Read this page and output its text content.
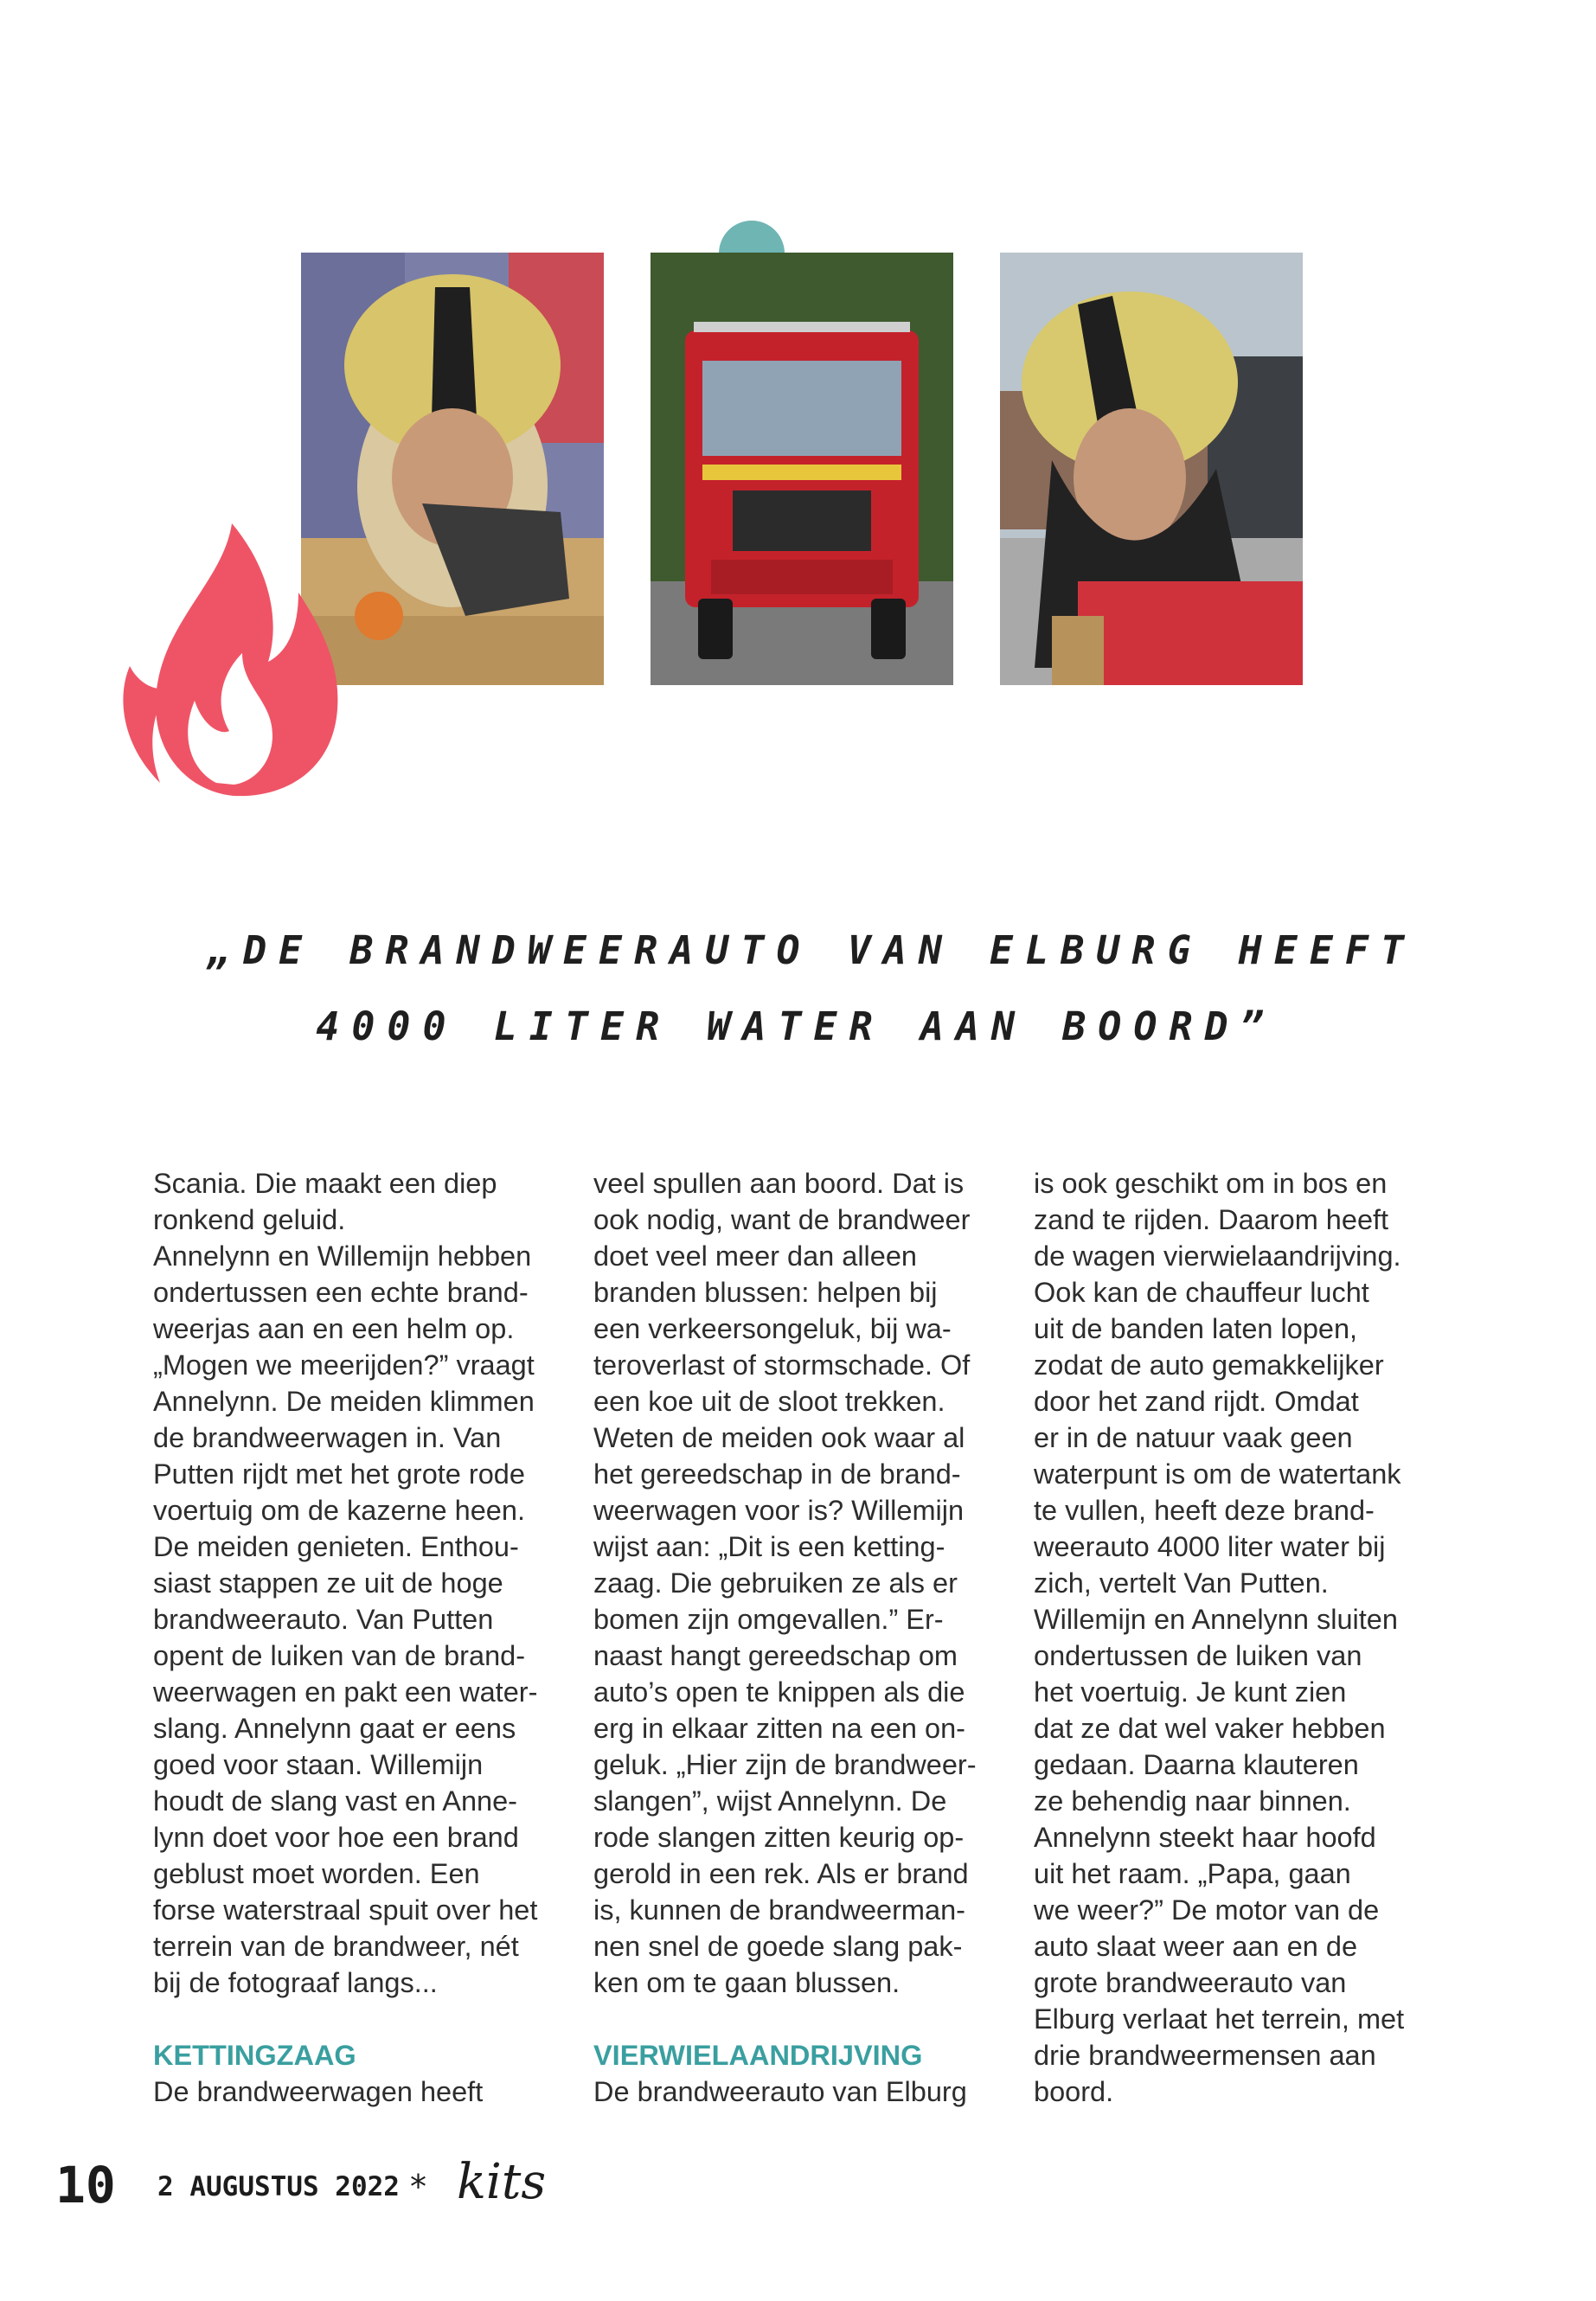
„DE BRANDWEERAUTO VAN ELBURG HEEFT
4000 LITER WATER AAN BOORD”
Scania. Die maakt een diep
ronkend geluid.
Annelynn en Willemijn hebben
ondertussen een echte brand-
weerjas aan en een helm op.
„Mogen we meerijden?” vraagt
Annelynn. De meiden klimmen
de brandweerwagen in. Van
Putten rijdt met het grote rode
voertuig om de kazerne heen.
De meiden genieten. Enthou-
siast stappen ze uit de hoge
brandweerauto. Van Putten
opent de luiken van de brand-
weerwagen en pakt een water-
slang. Annelynn gaat er eens
goed voor staan. Willemijn
houdt de slang vast en Anne-
lynn doet voor hoe een brand
geblust moet worden. Een
forse waterstraal spuit over het
terrein van de brandweer, nét
bij de fotograaf langs...
KETTINGZAAG
De brandweerwagen heeft
veel spullen aan boord. Dat is
ook nodig, want de brandweer
doet veel meer dan alleen
branden blussen: helpen bij
een verkeersongeluk, bij wa-
teroverlast of stormschade. Of
een koe uit de sloot trekken.
Weten de meiden ook waar al
het gereedschap in de brand-
weerwagen voor is? Willemijn
wijst aan: „Dit is een ketting-
zaag. Die gebruiken ze als er
bomen zijn omgevallen.” Er-
naast hangt gereedschap om
auto’s open te knippen als die
erg in elkaar zitten na een on-
geluk. „Hier zijn de brandweer-
slangen”, wijst Annelynn. De
rode slangen zitten keurig op-
gerold in een rek. Als er brand
is, kunnen de brandweerman-
nen snel de goede slang pak-
ken om te gaan blussen.
VIERWIELAANDRIJVING
De brandweerauto van Elburg
is ook geschikt om in bos en
zand te rijden. Daarom heeft
de wagen vierwielaandrijving.
Ook kan de chauffeur lucht
uit de banden laten lopen,
zodat de auto gemakkelijker
door het zand rijdt. Omdat
er in de natuur vaak geen
waterpunt is om de watertank
te vullen, heeft deze brand-
weerauto 4000 liter water bij
zich, vertelt Van Putten.
Willemijn en Annelynn sluiten
ondertussen de luiken van
het voertuig. Je kunt zien
dat ze dat wel vaker hebben
gedaan. Daarna klauteren
ze behendig naar binnen.
Annelynn steekt haar hoofd
uit het raam. „Papa, gaan
we weer?” De motor van de
auto slaat weer aan en de
grote brandweerauto van
Elburg verlaat het terrein, met
drie brandweermensen aan
boord.
10 2 AUGUSTUS 2022 * kits
